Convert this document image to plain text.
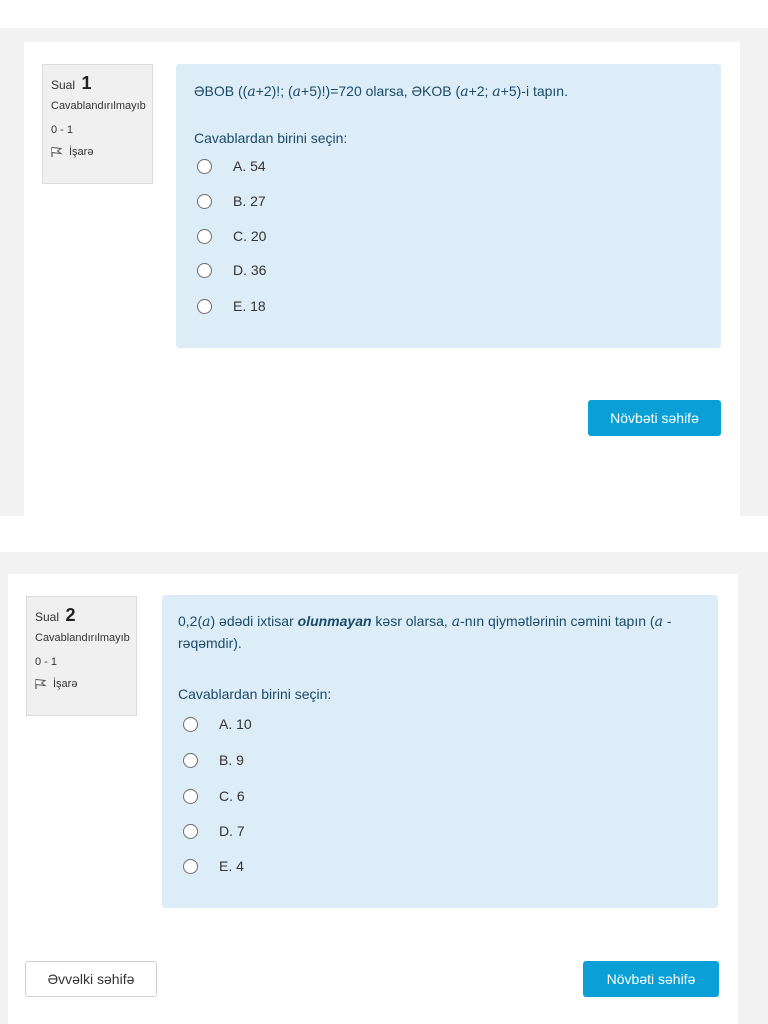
Sual 1
Cavablandırılmayıb
0 - 1
İşarə
ƏBOB ((a+2)!; (a+5)!)=720 olarsa, ƏKOB (a+2; a+5)-i tapın.
Cavablardan birini seçin:
A. 54
B. 27
C. 20
D. 36
E. 18
Növbəti səhifə
Sual 2
Cavablandırılmayıb
0 - 1
İşarə
0,2(a) ədədi ixtisar olunmayan kəsr olarsa, a-nın qiymətlərinin cəmini tapın (a - rəqəmdir).
Cavablardan birini seçin:
A. 10
B. 9
C. 6
D. 7
E. 4
Əvvəlki səhifə	Növbəti səhifə
